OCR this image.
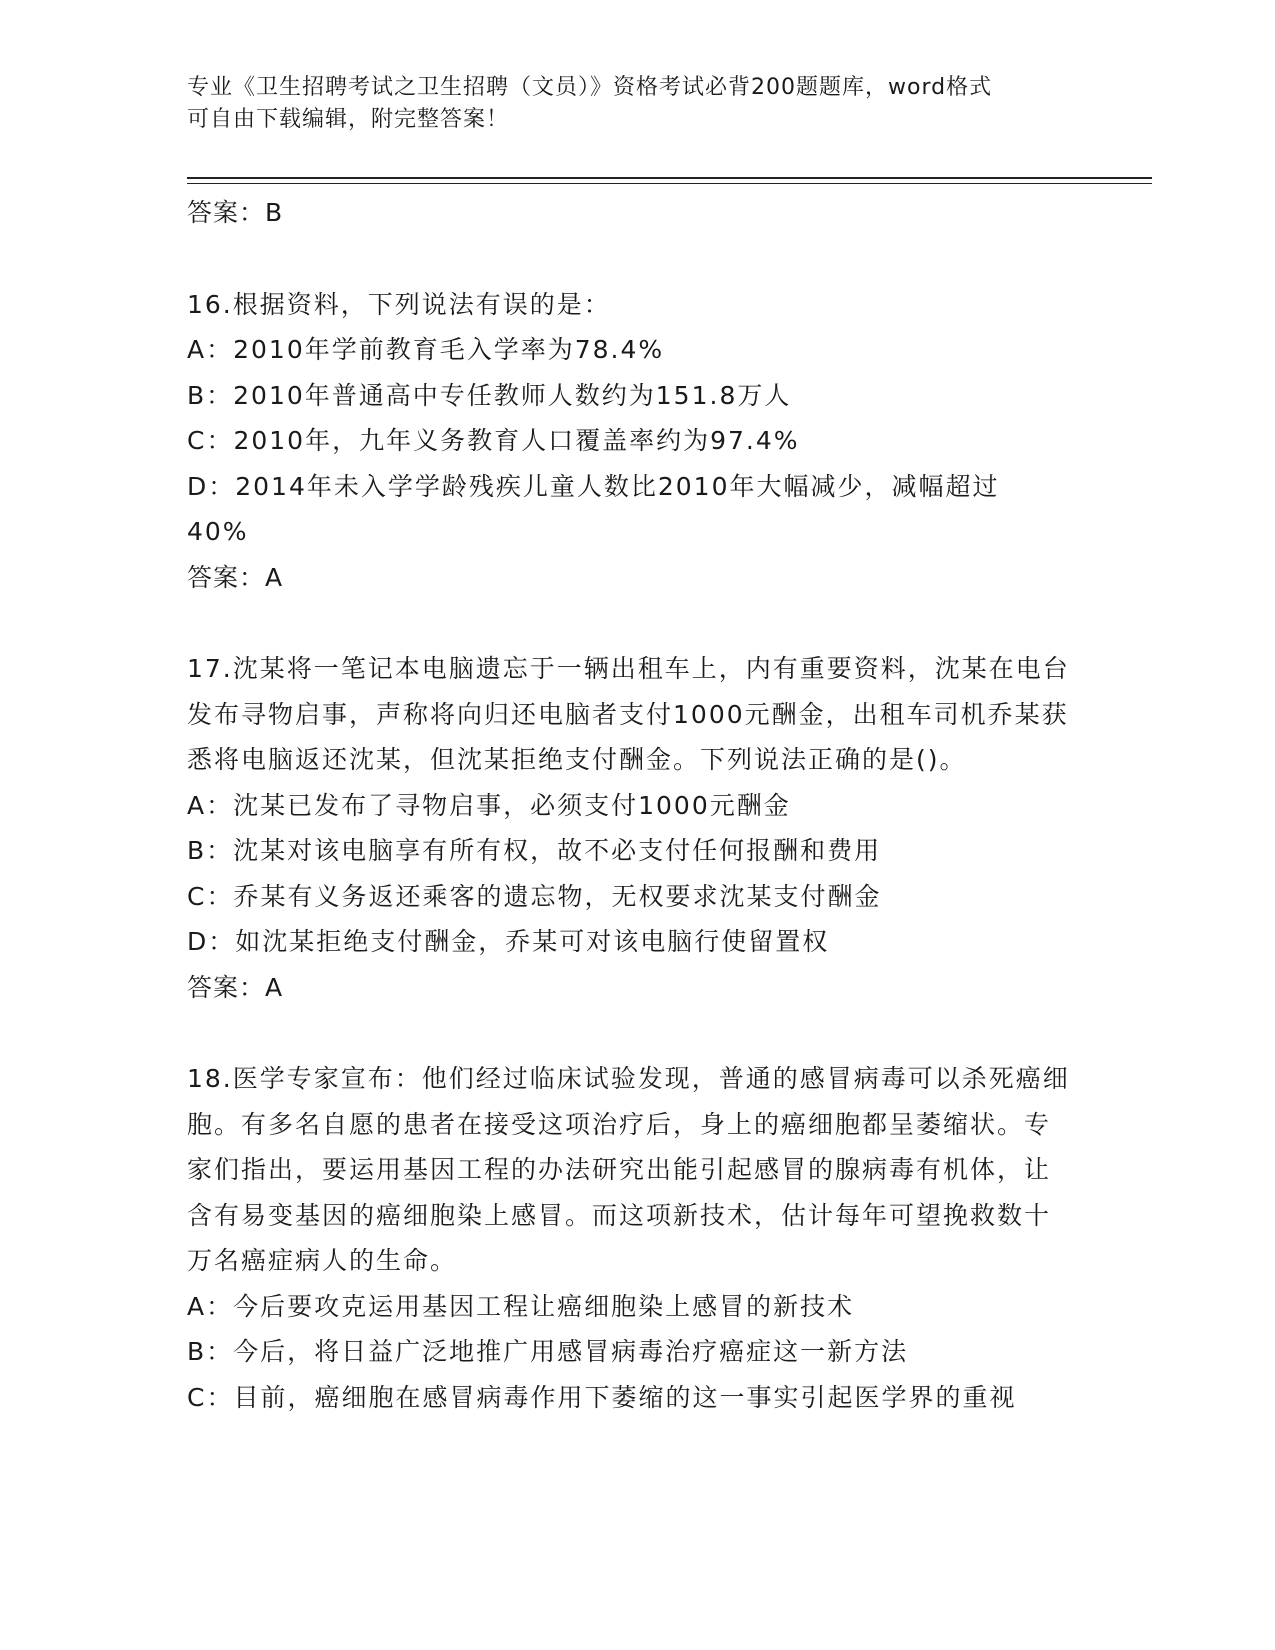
专业《卫生招聘考试之卫生招聘（文员）》资格考试必背200题题库，word格式
可自由下载编辑，附完整答案！
答案：B
16.根据资料，下列说法有误的是：
A：2010年学前教育毛入学率为78.4%
B：2010年普通高中专任教师人数约为151.8万人
C：2010年，九年义务教育人口覆盖率约为97.4%
D：2014年未入学学龄残疾儿童人数比2010年大幅减少，减幅超过40%
答案：A
17.沈某将一笔记本电脑遗忘于一辆出租车上，内有重要资料，沈某在电台发布寻物启事，声称将向归还电脑者支付1000元酬金，出租车司机乔某获悉将电脑返还沈某，但沈某拒绝支付酬金。下列说法正确的是()。
A：沈某已发布了寻物启事，必须支付1000元酬金
B：沈某对该电脑享有所有权，故不必支付任何报酬和费用
C：乔某有义务返还乘客的遗忘物，无权要求沈某支付酬金
D：如沈某拒绝支付酬金，乔某可对该电脑行使留置权
答案：A
18.医学专家宣布：他们经过临床试验发现，普通的感冒病毒可以杀死癌细胞。有多名自愿的患者在接受这项治疗后，身上的癌细胞都呈萎缩状。专家们指出，要运用基因工程的办法研究出能引起感冒的腺病毒有机体，让含有易变基因的癌细胞染上感冒。而这项新技术，估计每年可望挽救数十万名癌症病人的生命。
A：今后要攻克运用基因工程让癌细胞染上感冒的新技术
B：今后，将日益广泛地推广用感冒病毒治疗癌症这一新方法
C：目前，癌细胞在感冒病毒作用下萎缩的这一事实引起医学界的重视
